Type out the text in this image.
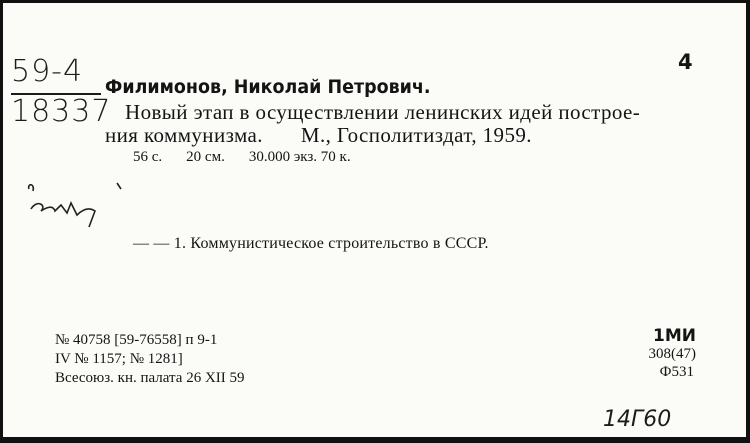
59-4
18337
4
Филимонов, Николай Петрович.
Новый этап в осуществлении ленинских идей построе-
ния коммунизма. М., Госполитиздат, 1959.
56 с. 20 см. 30.000 экз. 70 к.
— — 1. Коммунистическое строительство в СССР.
№ 40758 [59-76558] п 9-1
IV № 1157; № 1281]
Всесоюз. кн. палата 26 XII 59
1МИ
308(47)
Ф531
14Г60
